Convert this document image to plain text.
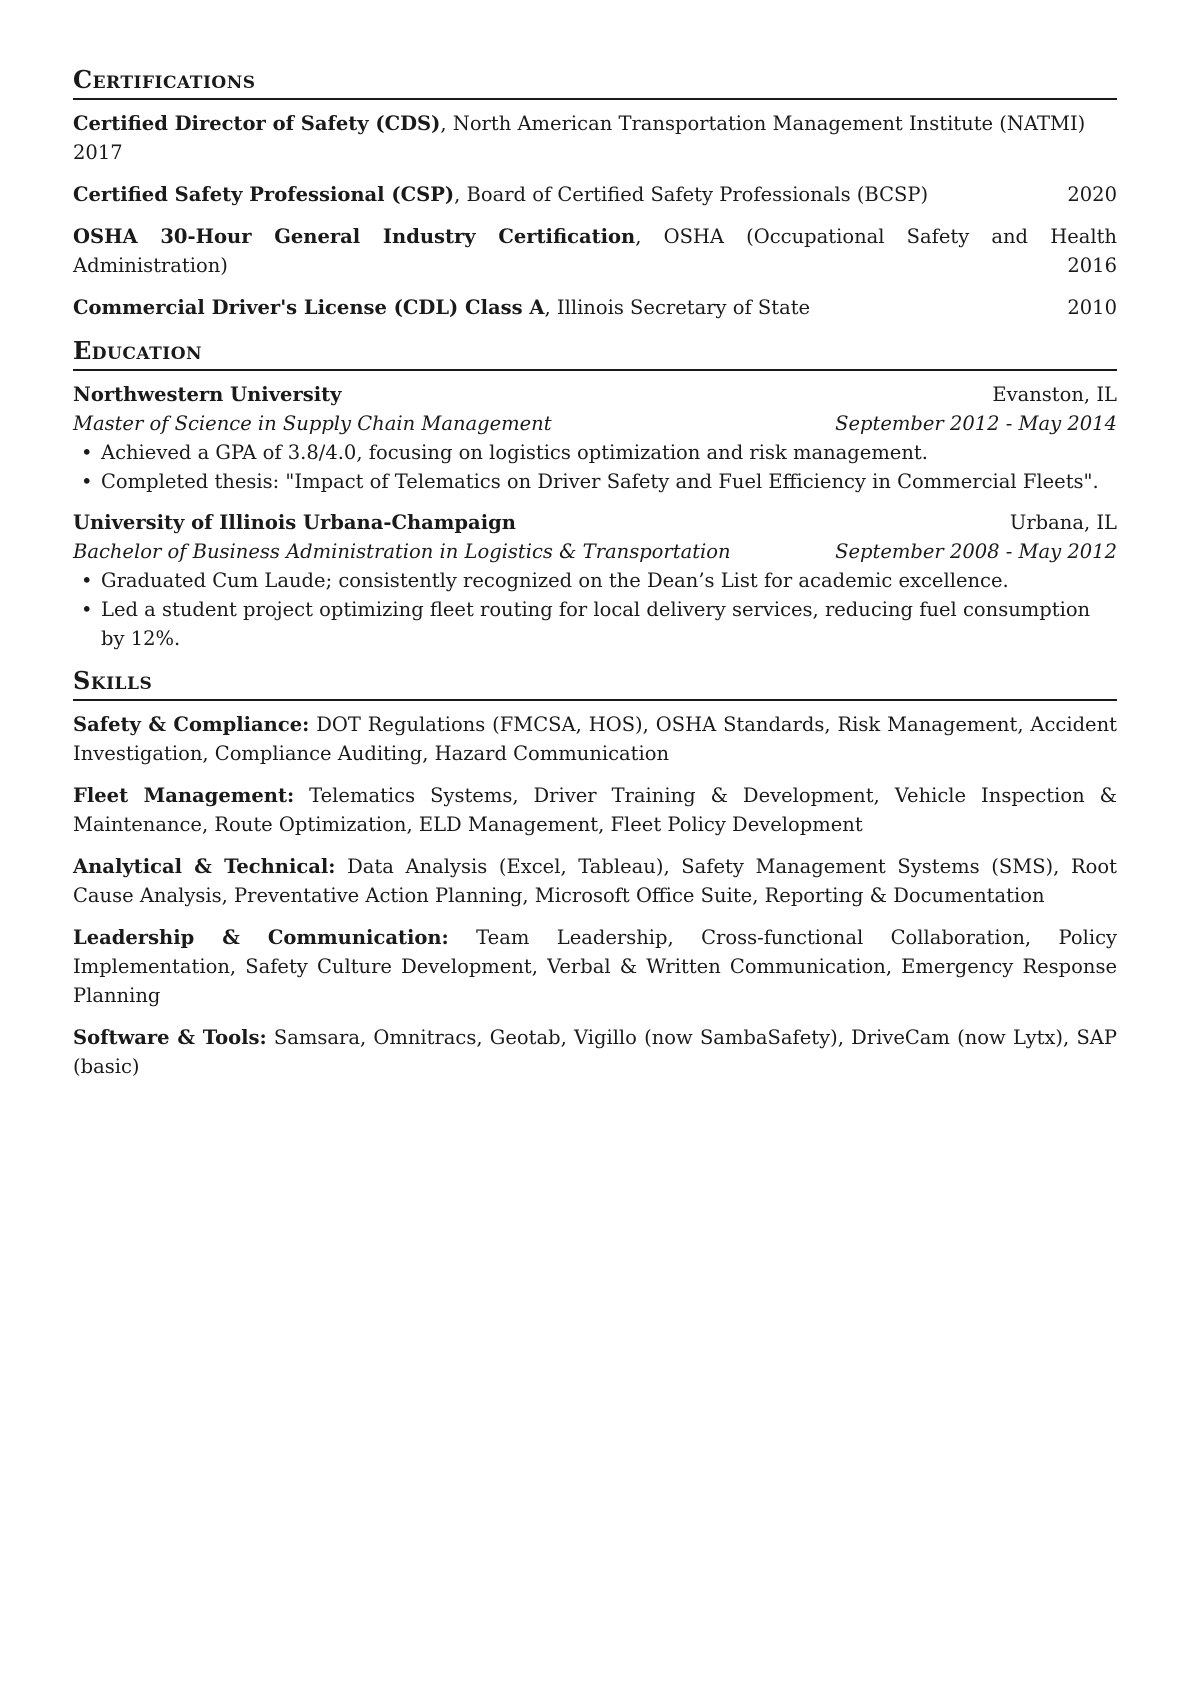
Certifications
Certified Director of Safety (CDS), North American Transportation Management Institute (NATMI)
2017
Certified Safety Professional (CSP), Board of Certified Safety Professionals (BCSP)	2020
OSHA 30-Hour General Industry Certification, OSHA (Occupational Safety and Health Administration)	2016
Commercial Driver's License (CDL) Class A, Illinois Secretary of State	2010
Education
Northwestern University	Evanston, IL
Master of Science in Supply Chain Management	September 2012 - May 2014
• Achieved a GPA of 3.8/4.0, focusing on logistics optimization and risk management.
• Completed thesis: "Impact of Telematics on Driver Safety and Fuel Efficiency in Commercial Fleets".
University of Illinois Urbana-Champaign	Urbana, IL
Bachelor of Business Administration in Logistics & Transportation	September 2008 - May 2012
• Graduated Cum Laude; consistently recognized on the Dean’s List for academic excellence.
• Led a student project optimizing fleet routing for local delivery services, reducing fuel consumption by 12%.
Skills
Safety & Compliance: DOT Regulations (FMCSA, HOS), OSHA Standards, Risk Management, Accident Investigation, Compliance Auditing, Hazard Communication
Fleet Management: Telematics Systems, Driver Training & Development, Vehicle Inspection & Maintenance, Route Optimization, ELD Management, Fleet Policy Development
Analytical & Technical: Data Analysis (Excel, Tableau), Safety Management Systems (SMS), Root Cause Analysis, Preventative Action Planning, Microsoft Office Suite, Reporting & Documentation
Leadership & Communication: Team Leadership, Cross-functional Collaboration, Policy Implementation, Safety Culture Development, Verbal & Written Communication, Emergency Response Planning
Software & Tools: Samsara, Omnitracs, Geotab, Vigillo (now SambaSafety), DriveCam (now Lytx), SAP (basic)
